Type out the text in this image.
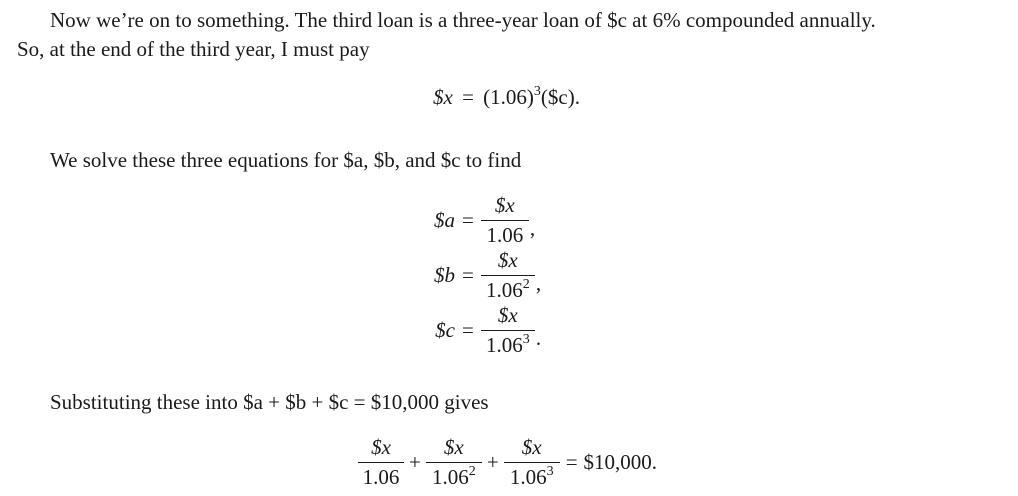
Now we’re on to something. The third loan is a three-year loan of $c at 6% compounded annually.
So, at the end of the third year, I must pay
$x = $(1.06)^3(\$c)$.
We solve these three equations for $a, $b, and $c to find
$a = $\frac{\$x}{1.06}$ ,
$b = $\frac{\$x}{1.06^2}$ ,
$c = $\frac{\$x}{1.06^3}$ .
Substituting these into $a + $b + $c = $10,000 gives
$\frac{\$x}{1.06} + \frac{\$x}{1.06^2} + \frac{\$x}{1.06^3}$ = $10,000.
